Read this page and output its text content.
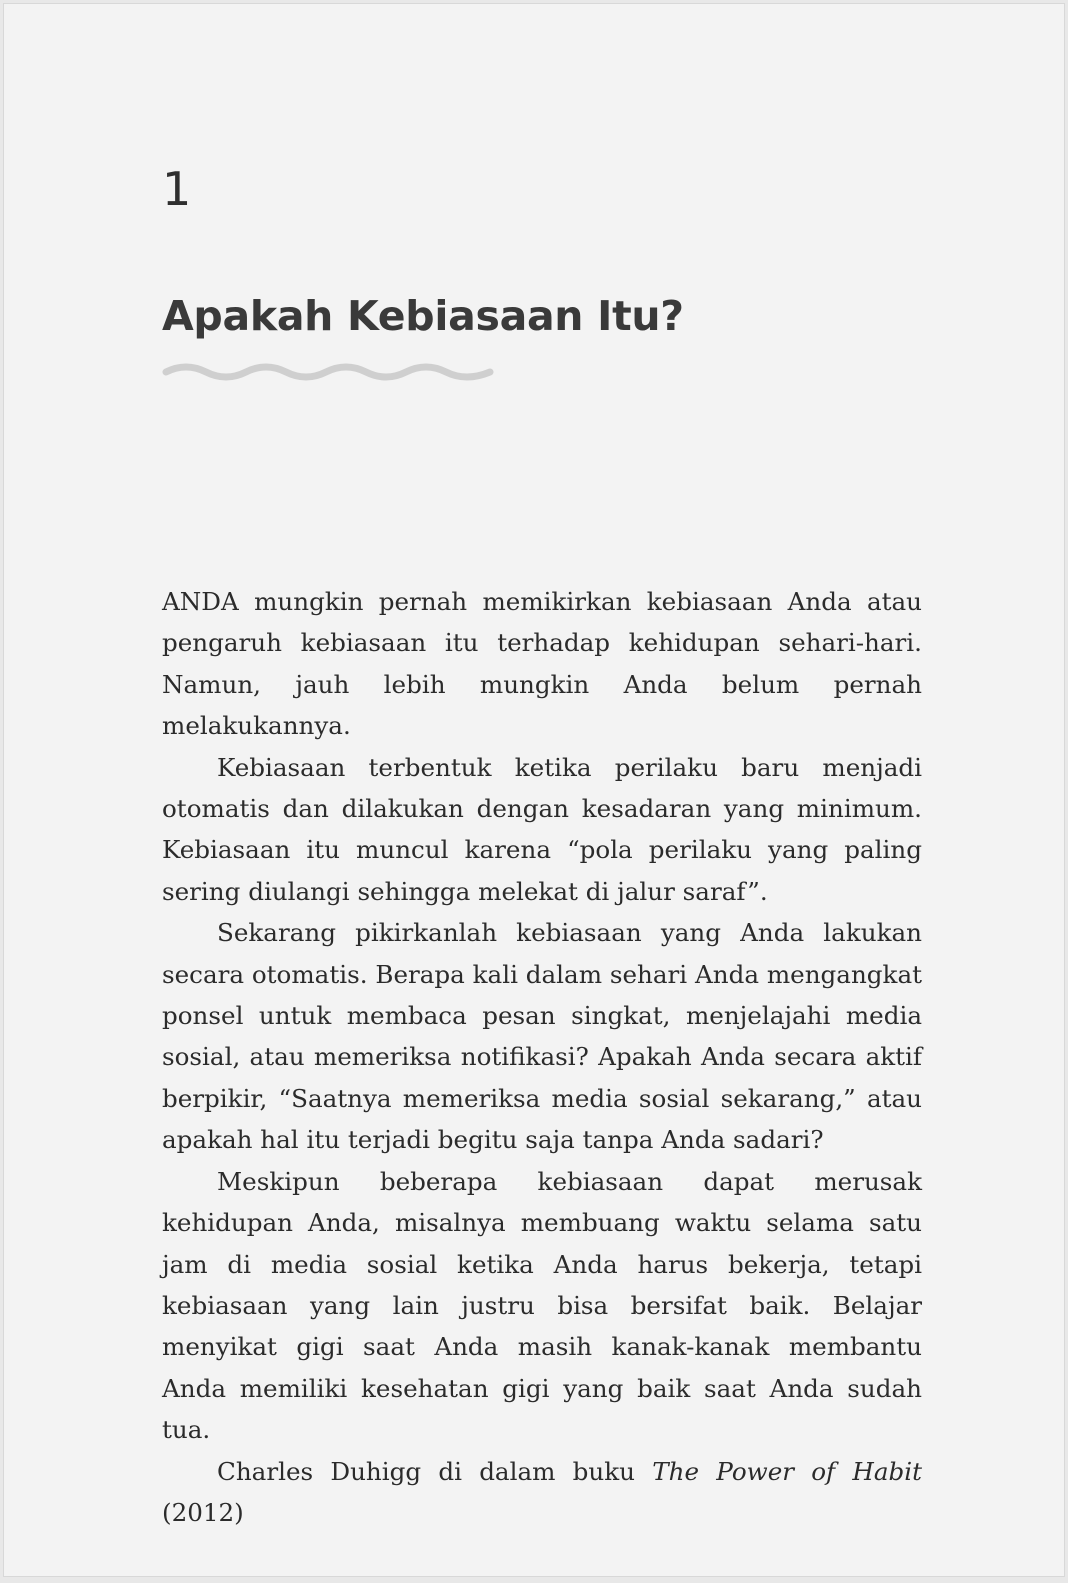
1
Apakah Kebiasaan Itu?

ANDA mungkin pernah memikirkan kebiasaan Anda atau pengaruh kebiasaan itu terhadap kehidupan sehari-hari. Namun, jauh lebih mungkin Anda belum pernah melakukannya.

Kebiasaan terbentuk ketika perilaku baru menjadi otomatis dan dilakukan dengan kesadaran yang minimum. Kebiasaan itu muncul karena “pola perilaku yang paling sering diulangi sehingga melekat di jalur saraf”.

Sekarang pikirkanlah kebiasaan yang Anda lakukan secara otomatis. Berapa kali dalam sehari Anda mengangkat ponsel untuk membaca pesan singkat, menjelajahi media sosial, atau memeriksa notifikasi? Apakah Anda secara aktif berpikir, “Saatnya memeriksa media sosial sekarang,” atau apakah hal itu terjadi begitu saja tanpa Anda sadari?

Meskipun beberapa kebiasaan dapat merusak kehidupan Anda, misalnya membuang waktu selama satu jam di media sosial ketika Anda harus bekerja, tetapi kebiasaan yang lain justru bisa bersifat baik. Belajar menyikat gigi saat Anda masih kanak-kanak membantu Anda memiliki kesehatan gigi yang baik saat Anda sudah tua.

Charles Duhigg di dalam buku The Power of Habit (2012)
